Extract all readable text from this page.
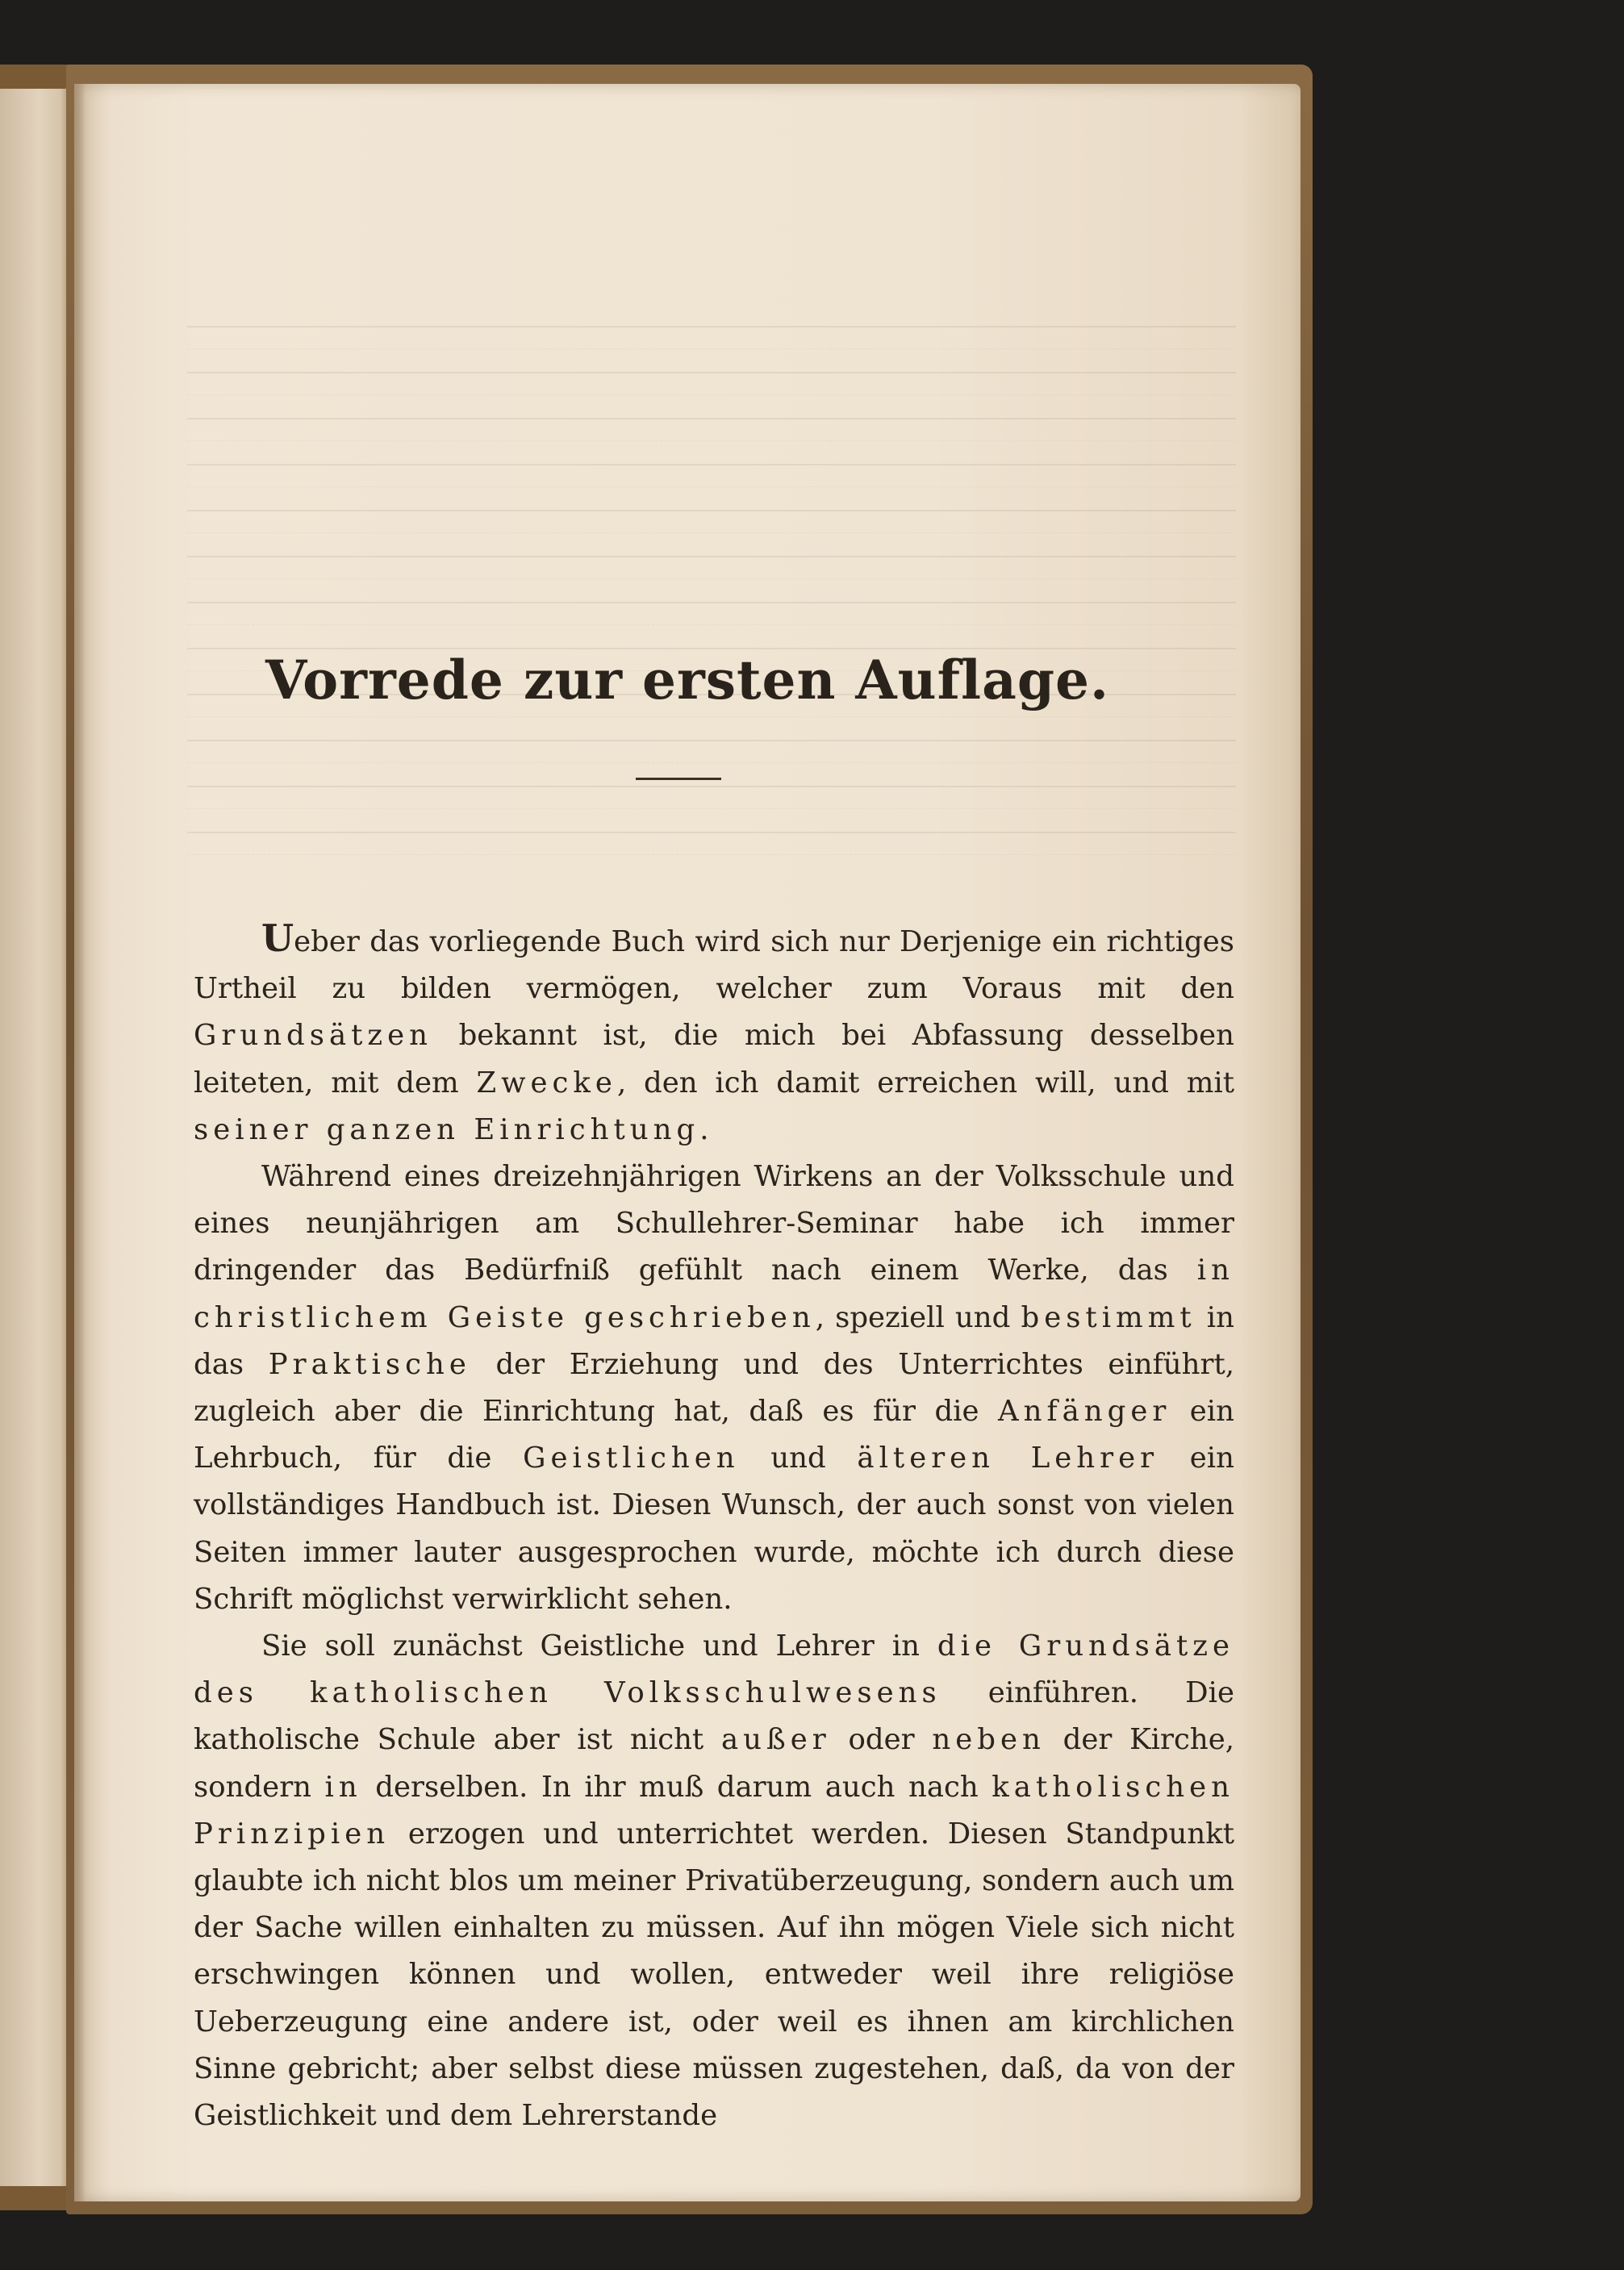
Vorrede zur ersten Auflage.

Ueber das vorliegende Buch wird sich nur Derjenige ein richtiges Urtheil zu bilden vermögen, welcher zum Voraus mit den Grundsätzen bekannt ist, die mich bei Abfassung desselben leiteten, mit dem Zwecke, den ich damit erreichen will, und mit seiner ganzen Einrichtung.

Während eines dreizehnjährigen Wirkens an der Volksschule und eines neunjährigen am Schullehrer-Seminar habe ich immer dringender das Bedürfniß gefühlt nach einem Werke, das in christlichem Geiste geschrieben, speziell und bestimmt in das Praktische der Erziehung und des Unterrichtes einführt, zugleich aber die Einrichtung hat, daß es für die Anfänger ein Lehrbuch, für die Geistlichen und älteren Lehrer ein vollständiges Handbuch ist. Diesen Wunsch, der auch sonst von vielen Seiten immer lauter ausgesprochen wurde, möchte ich durch diese Schrift möglichst verwirklicht sehen.

Sie soll zunächst Geistliche und Lehrer in die Grundsätze des katholischen Volksschulwesens einführen. Die katholische Schule aber ist nicht außer oder neben der Kirche, sondern in derselben. In ihr muß darum auch nach katholischen Prinzipien erzogen und unterrichtet werden. Diesen Standpunkt glaubte ich nicht blos um meiner Privatüberzeugung, sondern auch um der Sache willen einhalten zu müssen. Auf ihn mögen Viele sich nicht erschwingen können und wollen, entweder weil ihre religiöse Ueberzeugung eine andere ist, oder weil es ihnen am kirchlichen Sinne gebricht; aber selbst diese müssen zugestehen, daß, da von der Geistlichkeit und dem Lehrerstande
